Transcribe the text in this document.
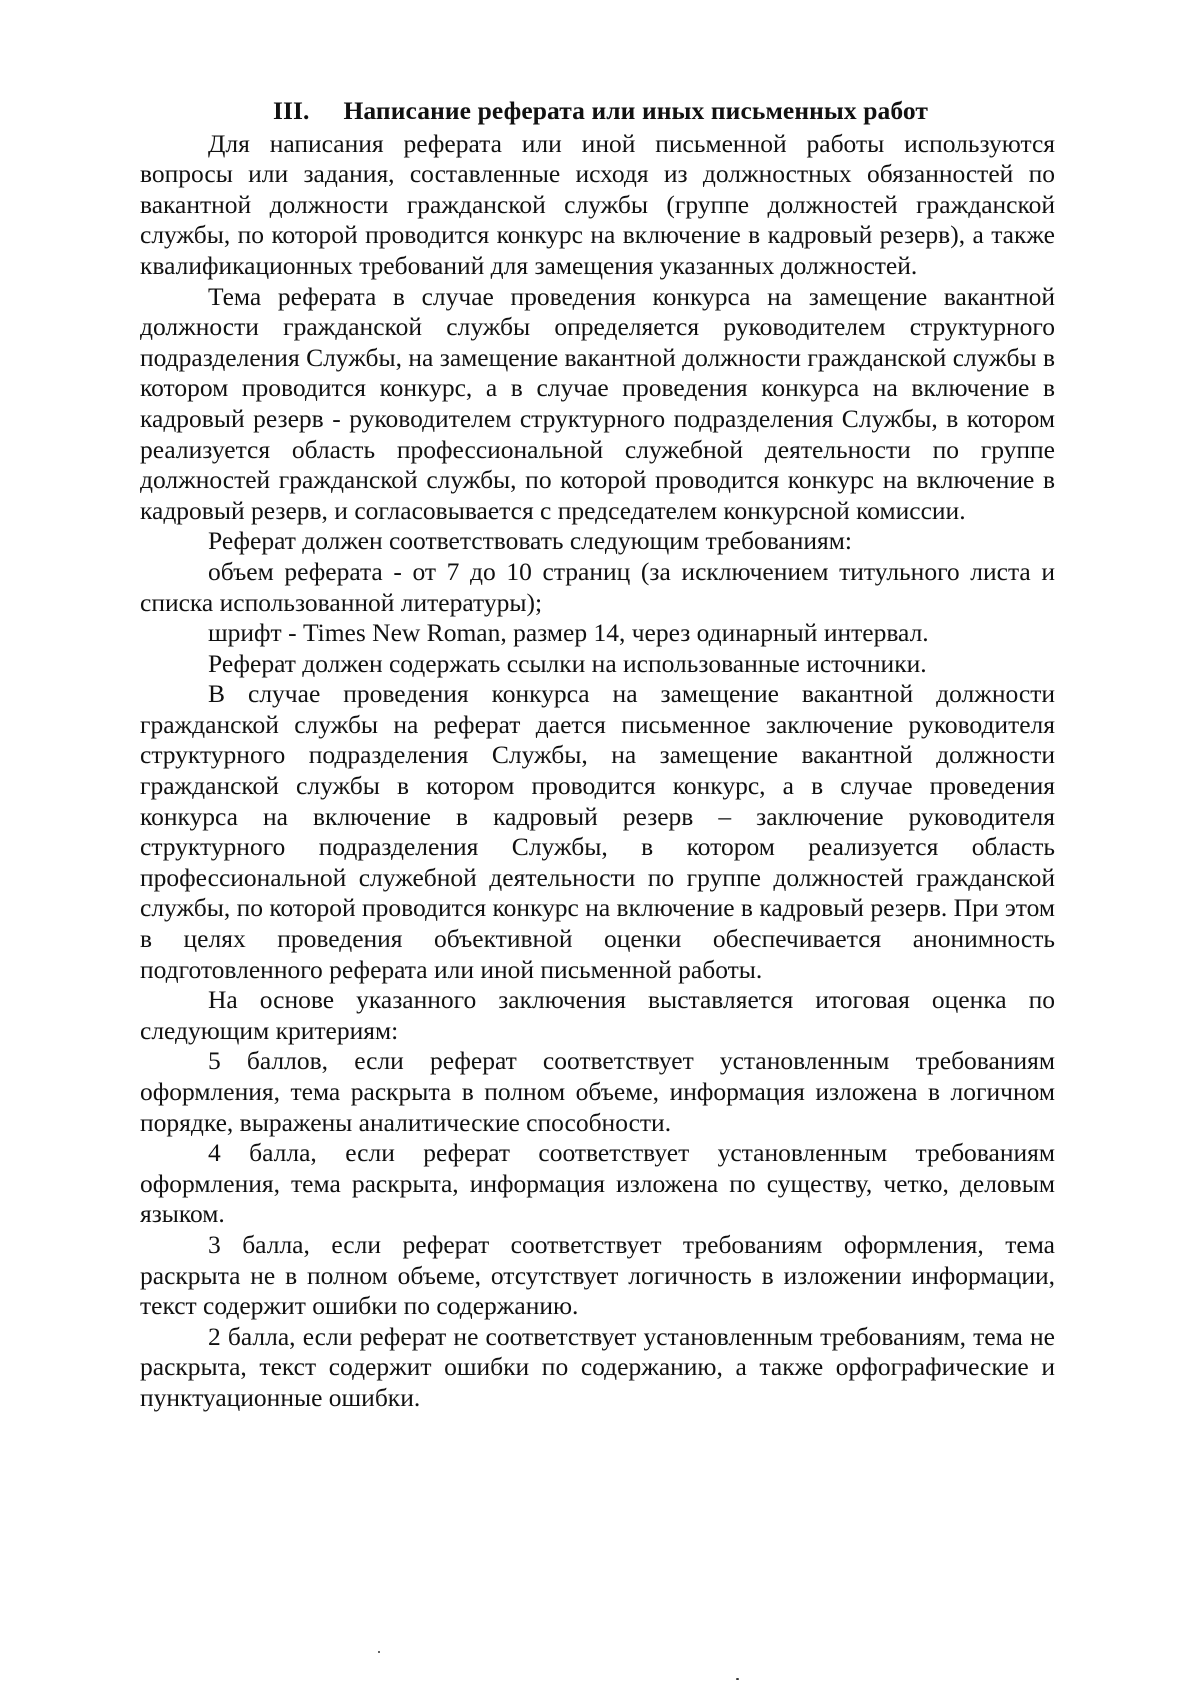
III. Написание реферата или иных письменных работ

Для написания реферата или иной письменной работы используются вопросы или задания, составленные исходя из должностных обязанностей по вакантной должности гражданской службы (группе должностей гражданской службы, по которой проводится конкурс на включение в кадровый резерв), а также квалификационных требований для замещения указанных должностей.

Тема реферата в случае проведения конкурса на замещение вакантной должности гражданской службы определяется руководителем структурного подразделения Службы, на замещение вакантной должности гражданской службы в котором проводится конкурс, а в случае проведения конкурса на включение в кадровый резерв - руководителем структурного подразделения Службы, в котором реализуется область профессиональной служебной деятельности по группе должностей гражданской службы, по которой проводится конкурс на включение в кадровый резерв, и согласовывается с председателем конкурсной комиссии.

Реферат должен соответствовать следующим требованиям:

объем реферата - от 7 до 10 страниц (за исключением титульного листа и списка использованной литературы);

шрифт - Times New Roman, размер 14, через одинарный интервал.

Реферат должен содержать ссылки на использованные источники.

В случае проведения конкурса на замещение вакантной должности гражданской службы на реферат дается письменное заключение руководителя структурного подразделения Службы, на замещение вакантной должности гражданской службы в котором проводится конкурс, а в случае проведения конкурса на включение в кадровый резерв – заключение руководителя структурного подразделения Службы, в котором реализуется область профессиональной служебной деятельности по группе должностей гражданской службы, по которой проводится конкурс на включение в кадровый резерв. При этом в целях проведения объективной оценки обеспечивается анонимность подготовленного реферата или иной письменной работы.

На основе указанного заключения выставляется итоговая оценка по следующим критериям:

5 баллов, если реферат соответствует установленным требованиям оформления, тема раскрыта в полном объеме, информация изложена в логичном порядке, выражены аналитические способности.

4 балла, если реферат соответствует установленным требованиям оформления, тема раскрыта, информация изложена по существу, четко, деловым языком.

3 балла, если реферат соответствует требованиям оформления, тема раскрыта не в полном объеме, отсутствует логичность в изложении информации, текст содержит ошибки по содержанию.

2 балла, если реферат не соответствует установленным требованиям, тема не раскрыта, текст содержит ошибки по содержанию, а также орфографические и пунктуационные ошибки.
